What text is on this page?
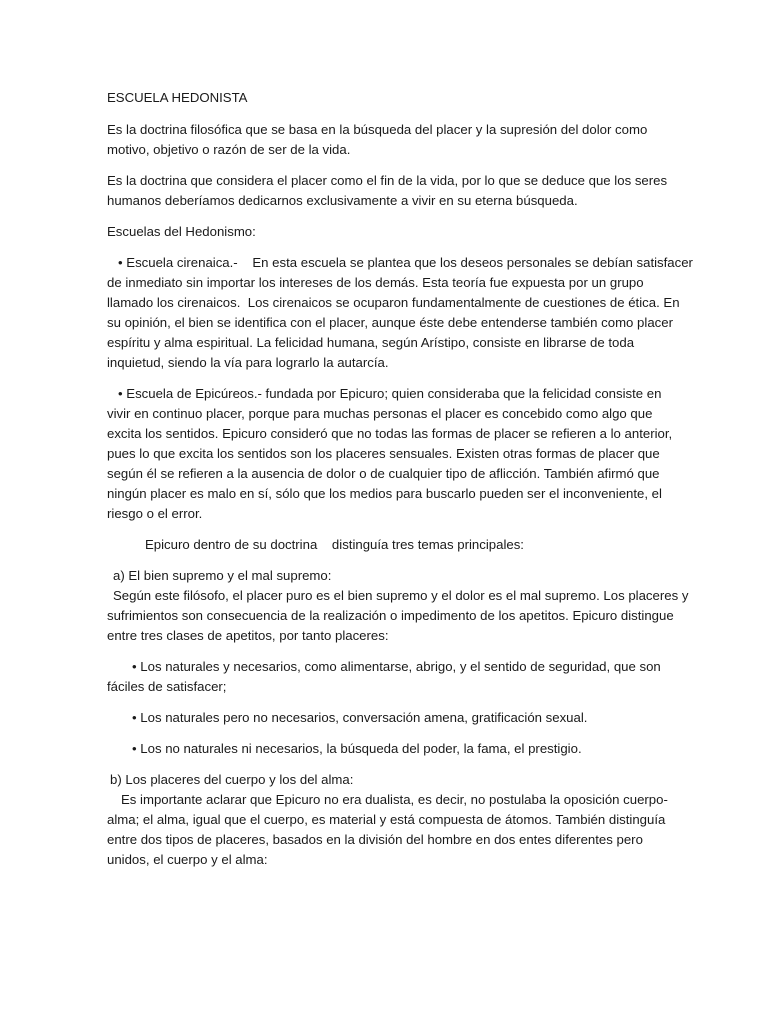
ESCUELA HEDONISTA
Es la doctrina filosófica que se basa en la búsqueda del placer y la supresión del dolor como
motivo, objetivo o razón de ser de la vida.
Es la doctrina que considera el placer como el fin de la vida, por lo que se deduce que los seres
humanos deberíamos dedicarnos exclusivamente a vivir en su eterna búsqueda.
Escuelas del Hedonismo:
• Escuela cirenaica.-    En esta escuela se plantea que los deseos personales se debían satisfacer
de inmediato sin importar los intereses de los demás. Esta teoría fue expuesta por un grupo
llamado los cirenaicos.  Los cirenaicos se ocuparon fundamentalmente de cuestiones de ética. En
su opinión, el bien se identifica con el placer, aunque éste debe entenderse también como placer
espíritu y alma espiritual. La felicidad humana, según Arístipo, consiste en librarse de toda
inquietud, siendo la vía para lograrlo la autarcía.
• Escuela de Epicúreos.- fundada por Epicuro; quien consideraba que la felicidad consiste en
vivir en continuo placer, porque para muchas personas el placer es concebido como algo que
excita los sentidos. Epicuro consideró que no todas las formas de placer se refieren a lo anterior,
pues lo que excita los sentidos son los placeres sensuales. Existen otras formas de placer que
según él se refieren a la ausencia de dolor o de cualquier tipo de aflicción. También afirmó que
ningún placer es malo en sí, sólo que los medios para buscarlo pueden ser el inconveniente, el
riesgo o el error.
Epicuro dentro de su doctrina    distinguía tres temas principales:
a) El bien supremo y el mal supremo:
Según este filósofo, el placer puro es el bien supremo y el dolor es el mal supremo. Los placeres y
sufrimientos son consecuencia de la realización o impedimento de los apetitos. Epicuro distingue
entre tres clases de apetitos, por tanto placeres:
• Los naturales y necesarios, como alimentarse, abrigo, y el sentido de seguridad, que son
fáciles de satisfacer;
• Los naturales pero no necesarios, conversación amena, gratificación sexual.
• Los no naturales ni necesarios, la búsqueda del poder, la fama, el prestigio.
b) Los placeres del cuerpo y los del alma:
Es importante aclarar que Epicuro no era dualista, es decir, no postulaba la oposición cuerpo-
alma; el alma, igual que el cuerpo, es material y está compuesta de átomos. También distinguía
entre dos tipos de placeres, basados en la división del hombre en dos entes diferentes pero
unidos, el cuerpo y el alma:
